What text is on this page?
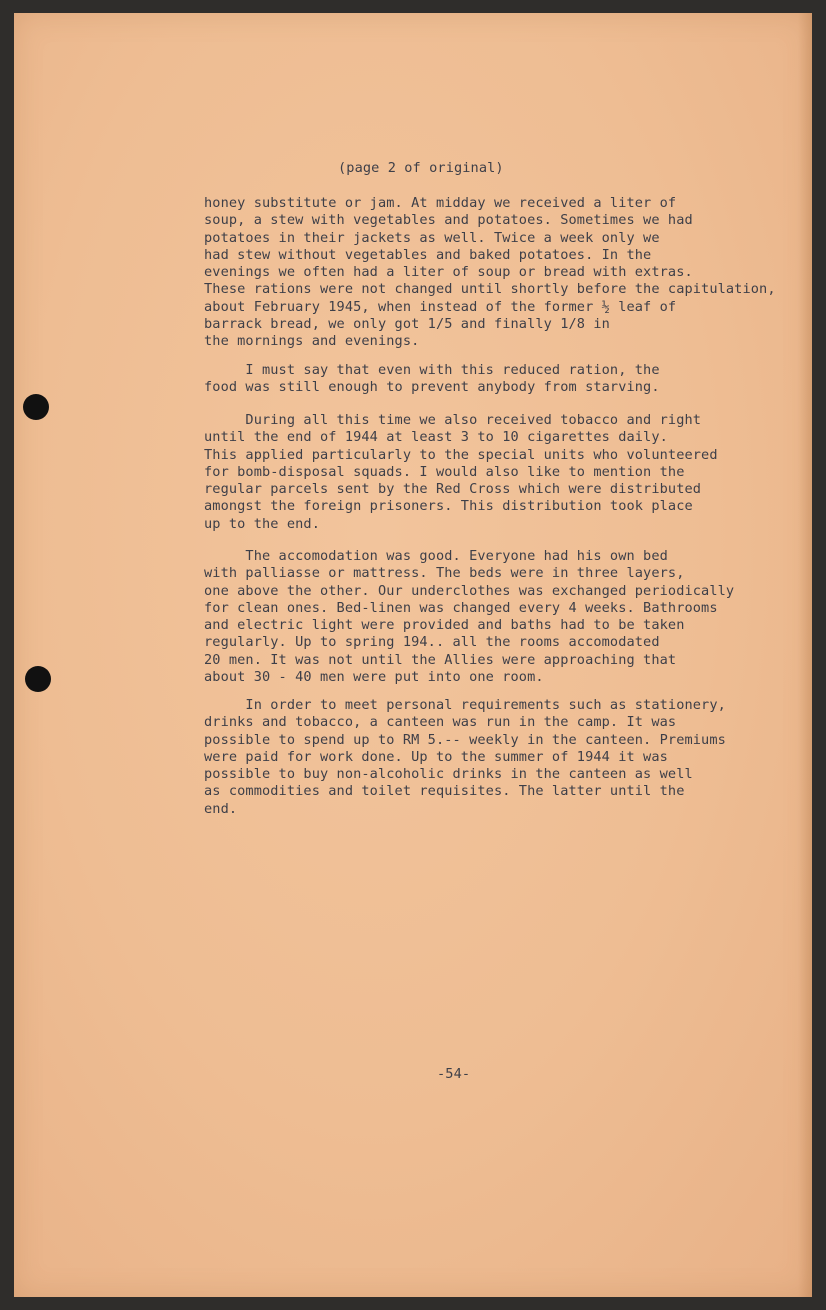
(page 2 of original)
honey substitute or jam. At midday we received a liter of
soup, a stew with vegetables and potatoes. Sometimes we had
potatoes in their jackets as well. Twice a week only we
had stew without vegetables and baked potatoes. In the
evenings we often had a liter of soup or bread with extras.
These rations were not changed until shortly before the capitulation,
about February 1945, when instead of the former ½ leaf of
barrack bread, we only got 1/5 and finally 1/8 in
the mornings and evenings.
I must say that even with this reduced ration, the
food was still enough to prevent anybody from starving.
During all this time we also received tobacco and right
until the end of 1944 at least 3 to 10 cigarettes daily.
This applied particularly to the special units who volunteered
for bomb-disposal squads. I would also like to mention the
regular parcels sent by the Red Cross which were distributed
amongst the foreign prisoners. This distribution took place
up to the end.
The accomodation was good. Everyone had his own bed
with palliasse or mattress. The beds were in three layers,
one above the other. Our underclothes was exchanged periodically
for clean ones. Bed-linen was changed every 4 weeks. Bathrooms
and electric light were provided and baths had to be taken
regularly. Up to spring 194.. all the rooms accomodated
20 men. It was not until the Allies were approaching that
about 30 - 40 men were put into one room.
In order to meet personal requirements such as stationery,
drinks and tobacco, a canteen was run in the camp. It was
possible to spend up to RM 5.-- weekly in the canteen. Premiums
were paid for work done. Up to the summer of 1944 it was
possible to buy non-alcoholic drinks in the canteen as well
as commodities and toilet requisites. The latter until the
end.
-54-
